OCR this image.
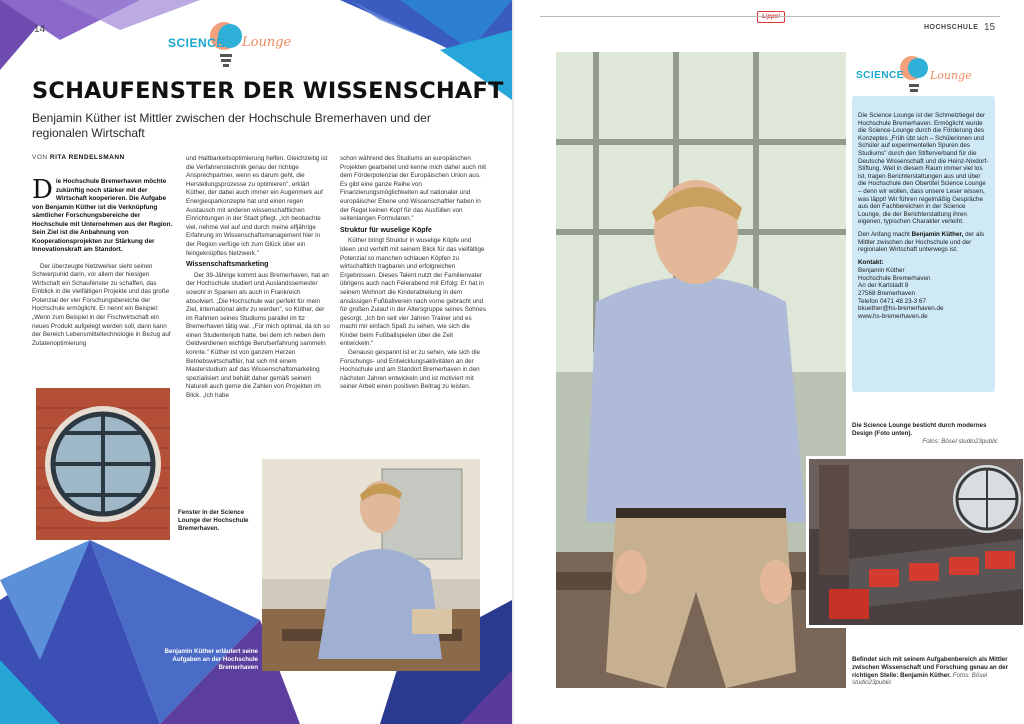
14
SCIENCE Lounge
SCHAUFENSTER DER WISSENSCHAFT
Benjamin Küther ist Mittler zwischen der Hochschule Bremerhaven und der regionalen Wirtschaft
VON RITA RENDELSMANN
Die Hochschule Bremerhaven möchte zukünftig noch stärker mit der Wirtschaft kooperieren. Die Aufgabe von Benjamin Küther ist die Verknüpfung sämtlicher Forschungsbereiche der Hochschule mit Unternehmen aus der Region. Sein Ziel ist die Anbahnung von Kooperationsprojekten zur Stärkung der Innovationskraft am Standort.

Der überzeugte Netzwerker sieht seinen Schwerpunkt darin, vor allem der hiesigen Wirtschaft ein Schaufenster zu schaffen, das Einblick in die vielfältigen Projekte und das große Potenzial der vier Forschungsbereiche der Hochschule ermöglicht. Er nennt ein Beispiel: „Wenn zum Beispiel in der Fischwirtschaft ein neues Produkt aufgelegt werden soll, dann kann der Bereich Lebensmitteltechnologie in Bezug auf Zutatenoptimierung

Fenster in der Science Lounge der Hochschule Bremerhaven.

und Haltbarkeitsoptimierung helfen. Gleichzeitig ist die Verfahrenstechnik genau der richtige Ansprechpartner, wenn es darum geht, die Herstellungsprozesse zu optimieren", erklärt Küther, der dabei auch immer ein Augenmerk auf Energiesparkonzepte hat und einen regen Austausch mit anderen wissenschaftlichen Einrichtungen in der Stadt pflegt. „Ich beobachte viel, nehme viel auf und durch meine elfjährige Erfahrung im Wissenschaftsmanagement hier in der Region verfüge ich zum Glück über ein feingeknüpftes Netzwerk."

Wissenschaftsmarketing

Der 39-Jährige kommt aus Bremerhaven, hat an der Hochschule studiert und Auslandssemester sowohl in Spanien als auch in Frankreich absolviert. „Die Hochschule war perfekt für mein Ziel, international aktiv zu werden", so Küther, der im Rahmen seines Studiums parallel im ttz Bremerhaven tätig war. „Für mich optimal, da ich so einen Studentenjob hatte, bei dem ich neben dem Geldverdienen wichtige Berufserfahrung sammeln konnte." Küther ist von ganzem Herzen Betriebswirtschaftler, hat sich mit einem Masterstudium auf das Wissenschaftsmarketing spezialisiert und behält daher gemäß seinem Naturell auch gerne die Zahlen von Projekten im Blick. „Ich habe

schon während des Studiums an europäischen Projekten gearbeitet und kenne mich daher auch mit dem Förderpotenzial der Europäischen Union aus. Es gibt eine ganze Reihe von Finanzierungsmöglichkeiten auf nationaler und europäischer Ebene und Wissenschaftler haben in der Regel keinen Kopf für das Ausfüllen von seitenlangen Formularen."

Struktur für wuselige Köpfe

Küther bringt Struktur in wuselige Köpfe und Ideen und verhilft mit seinem Blick für das vielfältige Potenzial so manchen schlauen Köpfen zu wirtschaftlich tragbaren und erfolgreichen Ergebnissen. Dieses Talent nutzt der Familienvater übrigens auch nach Feierabend mit Erfolg: Er hat in seinem Wohnort die Kinderabteilung in dem ansässigen Fußballverein nach vorne gebracht und für großen Zulauf in der Altersgruppe seines Sohnes gesorgt. „Ich bin seit vier Jahren Trainer und es macht mir einfach Spaß zu sehen, wie sich die Kinder beim Fußballspielen über die Zeit entwickeln."

Genauso gespannt ist er zu sehen, wie sich die Forschungs- und Entwicklungsaktivitäten an der Hochschule und am Standort Bremerhaven in den nächsten Jahren entwickeln und ist motiviert mit seiner Arbeit einen positiven Beitrag zu leisten.

Benjamin Küther erläutert seine Aufgaben an der Hochschule Bremerhaven
Lippe!
HOCHSCHULE 15
SCIENCE Lounge

Die Science Lounge ist der Schmelztiegel der Hochschule Bremerhaven. Ermöglicht wurde die Science-Lounge durch die Förderung des Konzeptes „Früh übt sich – Schülerinnen und Schüler auf experimentellen Spuren des Studiums" durch den Stifterverband für die Deutsche Wissenschaft und die Heinz-Nixdorf-Stiftung. Weil in diesem Raum immer viel los ist, tragen Berichterstattungen aus und über die Hochschule den Obertitel Science Lounge – denn wir wollen, dass unsere Leser wissen, was läppt! Wir führen regelmäßig Gespräche aus den Fachbereichen in der Science Lounge, die der Berichterstattung ihren eigenen, typischen Charakter verleiht.

Den Anfang macht Benjamin Küther, der als Mittler zwischen der Hochschule und der regionalen Wirtschaft unterwegs ist.

Kontakt:

Benjamin Küther
Hochschule Bremerhaven
An der Karlstadt 8
27568 Bremerhaven
Telefon 0471 48 23-3 67
bkuether@hs-bremerhaven.de
www.hs-bremerhaven.de
Die Science Lounge besticht durch modernes Design (Foto unten).

Fotos: Bösel studio23public
Befindet sich mit seinem Aufgabenbereich als Mittler zwischen Wissenschaft und Forschung genau an der richtigen Stelle: Benjamin Küther. Fotos: Bösel studio23public
